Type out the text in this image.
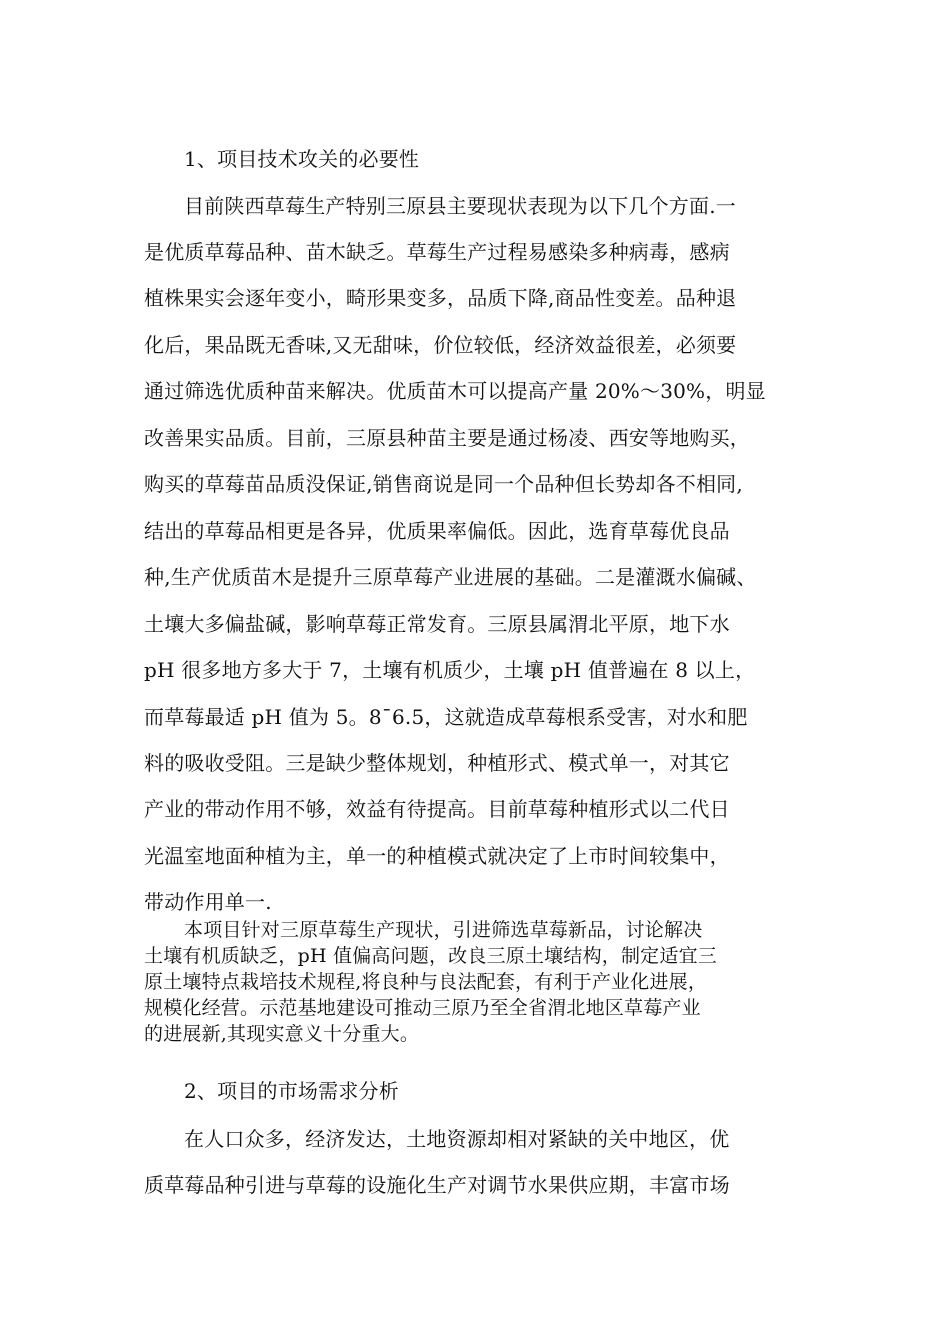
1、项目技术攻关的必要性
目前陕西草莓生产特别三原县主要现状表现为以下几个方面.一
是优质草莓品种、苗木缺乏。草莓生产过程易感染多种病毒，感病
植株果实会逐年变小，畸形果变多，品质下降,商品性变差。品种退
化后，果品既无香味,又无甜味，价位较低，经济效益很差，必须要
通过筛选优质种苗来解决。优质苗木可以提高产量 20%～30%，明显
改善果实品质。目前，三原县种苗主要是通过杨凌、西安等地购买，
购买的草莓苗品质没保证,销售商说是同一个品种但长势却各不相同,
结出的草莓品相更是各异，优质果率偏低。因此，选育草莓优良品
种,生产优质苗木是提升三原草莓产业进展的基础。二是灌溉水偏碱、
土壤大多偏盐碱，影响草莓正常发育。三原县属渭北平原，地下水
pH 很多地方多大于 7，土壤有机质少，土壤 pH 值普遍在 8 以上，
而草莓最适 pH 值为 5。8¯6.5，这就造成草莓根系受害，对水和肥
料的吸收受阻。三是缺少整体规划，种植形式、模式单一，对其它
产业的带动作用不够，效益有待提高。目前草莓种植形式以二代日
光温室地面种植为主，单一的种植模式就决定了上市时间较集中，
带动作用单一.
本项目针对三原草莓生产现状，引进筛选草莓新品，讨论解决
土壤有机质缺乏，pH 值偏高问题，改良三原土壤结构，制定适宜三
原土壤特点栽培技术规程,将良种与良法配套，有利于产业化进展，
规模化经营。示范基地建设可推动三原乃至全省渭北地区草莓产业
的进展新,其现实意义十分重大。
2、项目的市场需求分析
在人口众多，经济发达，土地资源却相对紧缺的关中地区，优
质草莓品种引进与草莓的设施化生产对调节水果供应期，丰富市场
